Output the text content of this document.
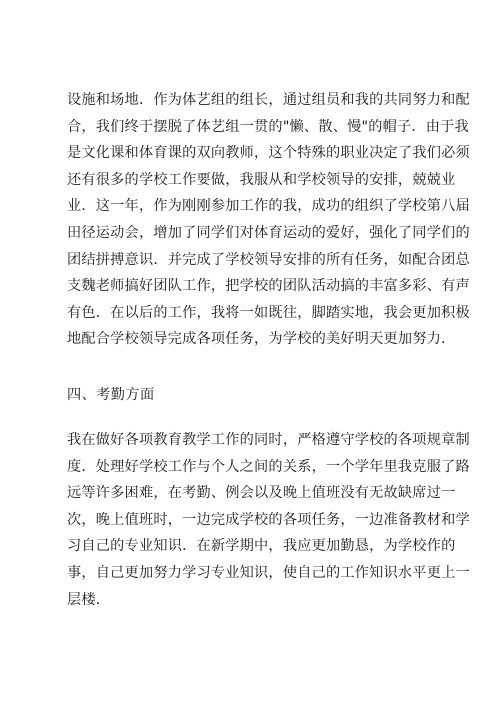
设施和场地．作为体艺组的组长，通过组员和我的共同努力和配
合，我们终于摆脱了体艺组一贯的"懒、散、慢"的帽子．由于我
是文化课和体育课的双向教师，这个特殊的职业决定了我们必须
还有很多的学校工作要做，我服从和学校领导的安排，兢兢业
业．这一年，作为刚刚参加工作的我，成功的组织了学校第八届
田径运动会，增加了同学们对体育运动的爱好，强化了同学们的
团结拼搏意识．并完成了学校领导安排的所有任务，如配合团总
支魏老师搞好团队工作，把学校的团队活动搞的丰富多彩、有声
有色．在以后的工作，我将一如既往，脚踏实地，我会更加积极
地配合学校领导完成各项任务，为学校的美好明天更加努力．
四、考勤方面
我在做好各项教育教学工作的同时，严格遵守学校的各项规章制
度．处理好学校工作与个人之间的关系，一个学年里我克服了路
远等许多困难，在考勤、例会以及晚上值班没有无故缺席过一
次，晚上值班时，一边完成学校的各项任务，一边准备教材和学
习自己的专业知识．在新学期中，我应更加勤恳，为学校作的
事，自己更加努力学习专业知识，使自己的工作知识水平更上一
层楼．
